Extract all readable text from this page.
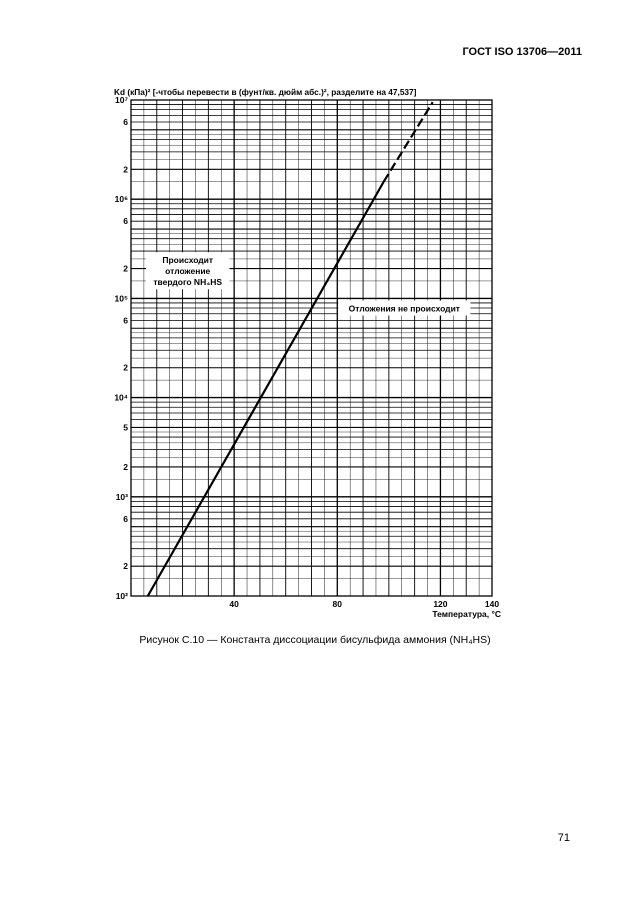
ГОСТ ISO 13706—2011
Происходит
отложение
твердого NH₄HS
Отложения не происходит
10²
2
6
10³
2
5
10⁴
2
6
10⁵
2
6
10⁶
2
6
10⁷
40	80	120	140
Kd (кПа)² [-чтобы перевести в (фунт/кв. дюйм абс.)², разделите на 47,537]
Температура, °С
Рисунок С.10 — Константа диссоциации бисульфида аммония (NH₄HS)
71
